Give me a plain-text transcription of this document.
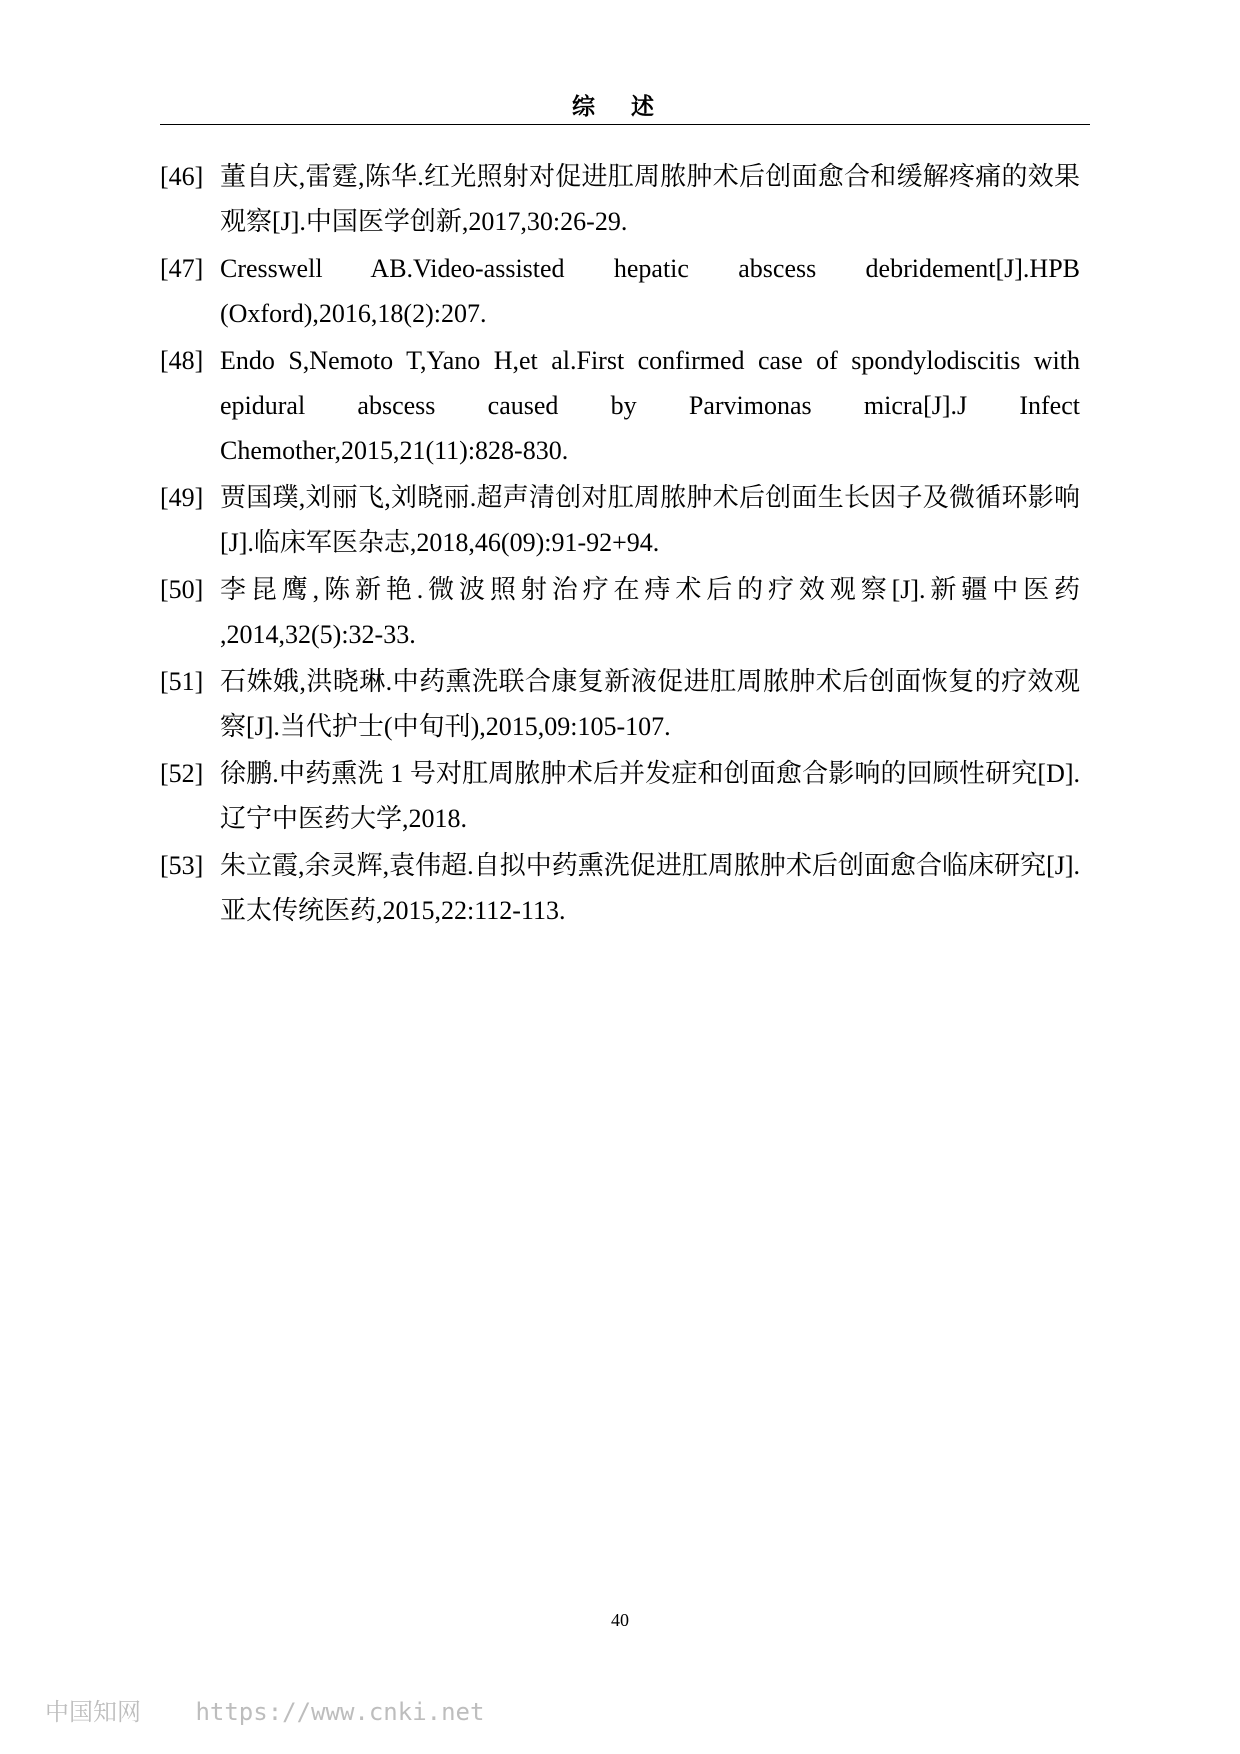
综 述
[46] 董自庆,雷霆,陈华.红光照射对促进肛周脓肿术后创面愈合和缓解疼痛的效果观察[J].中国医学创新,2017,30:26-29.
[47] Cresswell AB.Video-assisted hepatic abscess debridement[J].HPB (Oxford),2016,18(2):207.
[48] Endo S,Nemoto T,Yano H,et al.First confirmed case of spondylodiscitis with epidural abscess caused by Parvimonas micra[J].J Infect Chemother,2015,21(11):828-830.
[49] 贾国璞,刘丽飞,刘晓丽.超声清创对肛周脓肿术后创面生长因子及微循环影响[J].临床军医杂志,2018,46(09):91-92+94.
[50] 李昆鹰,陈新艳.微波照射治疗在痔术后的疗效观察[J].新疆中医药 ,2014,32(5):32-33.
[51] 石姝娥,洪晓琳.中药熏洗联合康复新液促进肛周脓肿术后创面恢复的疗效观察[J].当代护士(中旬刊),2015,09:105-107.
[52] 徐鹏.中药熏洗 1 号对肛周脓肿术后并发症和创面愈合影响的回顾性研究[D].辽宁中医药大学,2018.
[53] 朱立霞,余灵辉,袁伟超.自拟中药熏洗促进肛周脓肿术后创面愈合临床研究[J].亚太传统医药,2015,22:112-113.
40
中国知网 https://www.cnki.net
